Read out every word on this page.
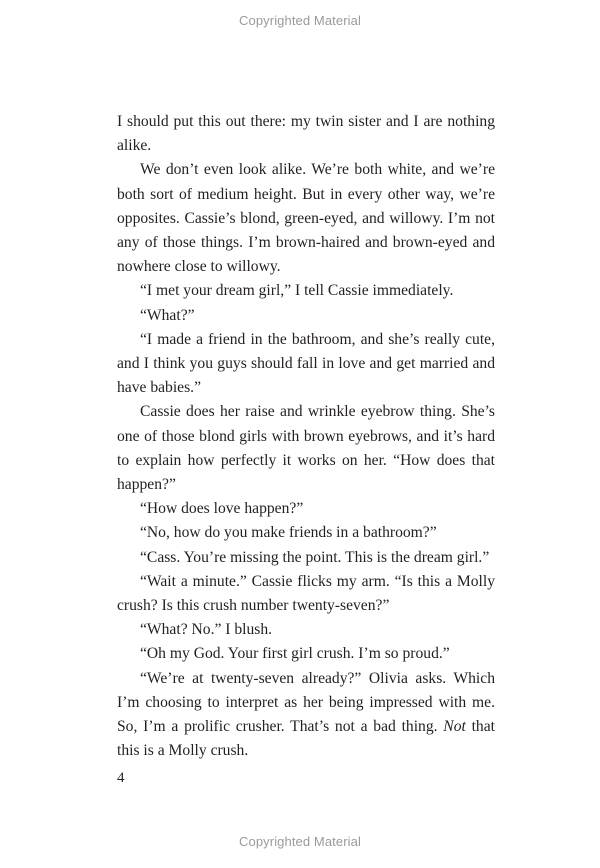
Copyrighted Material

I should put this out there: my twin sister and I are nothing alike.

We don’t even look alike. We’re both white, and we’re both sort of medium height. But in every other way, we’re opposites. Cassie’s blond, green-eyed, and willowy. I’m not any of those things. I’m brown-haired and brown-eyed and nowhere close to willowy.

“I met your dream girl,” I tell Cassie immediately.

“What?”

“I made a friend in the bathroom, and she’s really cute, and I think you guys should fall in love and get married and have babies.”

Cassie does her raise and wrinkle eyebrow thing. She’s one of those blond girls with brown eyebrows, and it’s hard to explain how perfectly it works on her. “How does that happen?”

“How does love happen?”

“No, how do you make friends in a bathroom?”

“Cass. You’re missing the point. This is the dream girl.”

“Wait a minute.” Cassie flicks my arm. “Is this a Molly crush? Is this crush number twenty-seven?”

“What? No.” I blush.

“Oh my God. Your first girl crush. I’m so proud.”

“We’re at twenty-seven already?” Olivia asks. Which I’m choosing to interpret as her being impressed with me. So, I’m a prolific crusher. That’s not a bad thing. Not that this is a Molly crush.

4
Copyrighted Material
